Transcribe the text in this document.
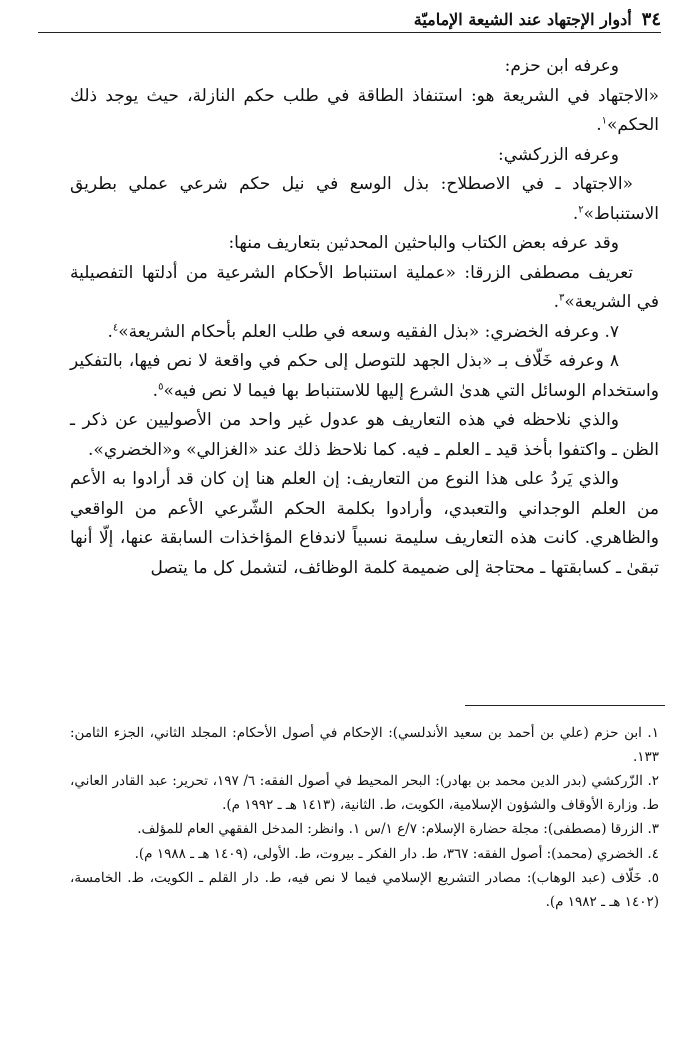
٣٤
أدوار الإجتهاد عند الشيعة الإماميّة

وعرفه ابن حزم:

«الاجتهاد في الشريعة هو: استنفاذ الطاقة في طلب حكم النازلة، حيث يوجد ذلك الحكم»$^١$.

وعرفه الزركشي:

«الاجتهاد ـ في الاصطلاح: بذل الوسع في نيل حكم شرعي عملي بطريق الاستنباط»$^٢$.

وقد عرفه بعض الكتاب والباحثين المحدثين بتعاريف منها:

تعريف مصطفى الزرقا: «عملية استنباط الأحكام الشرعية من أدلتها التفصيلية في الشريعة»$^٣$.

٧. وعرفه الخضري: «بذل الفقيه وسعه في طلب العلم بأحكام الشريعة»$^٤$.

٨ وعرفه خَلّاف بـ «بذل الجهد للتوصل إلى حكم في واقعة لا نص فيها، بالتفكير واستخدام الوسائل التي هدىٰ الشرع إليها للاستنباط بها فيما لا نص فيه»$^٥$.

والذي نلاحظه في هذه التعاريف هو عدول غير واحد من الأصوليين عن ذكر ـ الظن ـ واكتفوا بأخذ قيد ـ العلم ـ فيه. كما نلاحظ ذلك عند «الغزالي» و«الخضري».

والذي يَردُ على هذا النوع من التعاريف: إن العلم هنا إن كان قد أرادوا به الأعم من العلم الوجداني والتعبدي، وأرادوا بكلمة الحكم الشّرعي الأعم من الواقعي والظاهري. كانت هذه التعاريف سليمة نسبياً لاندفاع المؤاخذات السابقة عنها، إلّا أنها تبقىٰ ـ كسابقتها ـ محتاجة إلى ضميمة كلمة الوظائف، لتشمل كل ما يتصل

١. ابن حزم (علي بن أحمد بن سعيد الأندلسي): الإحكام في أصول الأحكام: المجلد الثاني، الجزء الثامن: ١٣٣.

٢. الزّركشي (بدر الدين محمد بن بهادر): البحر المحيط في أصول الفقه: ٦/ ١٩٧، تحرير: عبد القادر العاني، ط. وزارة الأوقاف والشؤون الإسلامية، الكويت، ط. الثانية، (١٤١٣ هـ ـ ١٩٩٢ م).

٣. الزرقا (مصطفى): مجلة حضارة الإسلام: ٧/ع ١/س ١. وانظر: المدخل الفقهي العام للمؤلف.

٤. الخضري (محمد): أصول الفقه: ٣٦٧، ط. دار الفكر ـ بيروت، ط. الأولى، (١٤٠٩ هـ ـ ١٩٨٨ م).

٥. خَلّاف (عبد الوهاب): مصادر التشريع الإسلامي فيما لا نص فيه، ط. دار القلم ـ الكويت، ط. الخامسة، (١٤٠٢ هـ ـ ١٩٨٢ م).
